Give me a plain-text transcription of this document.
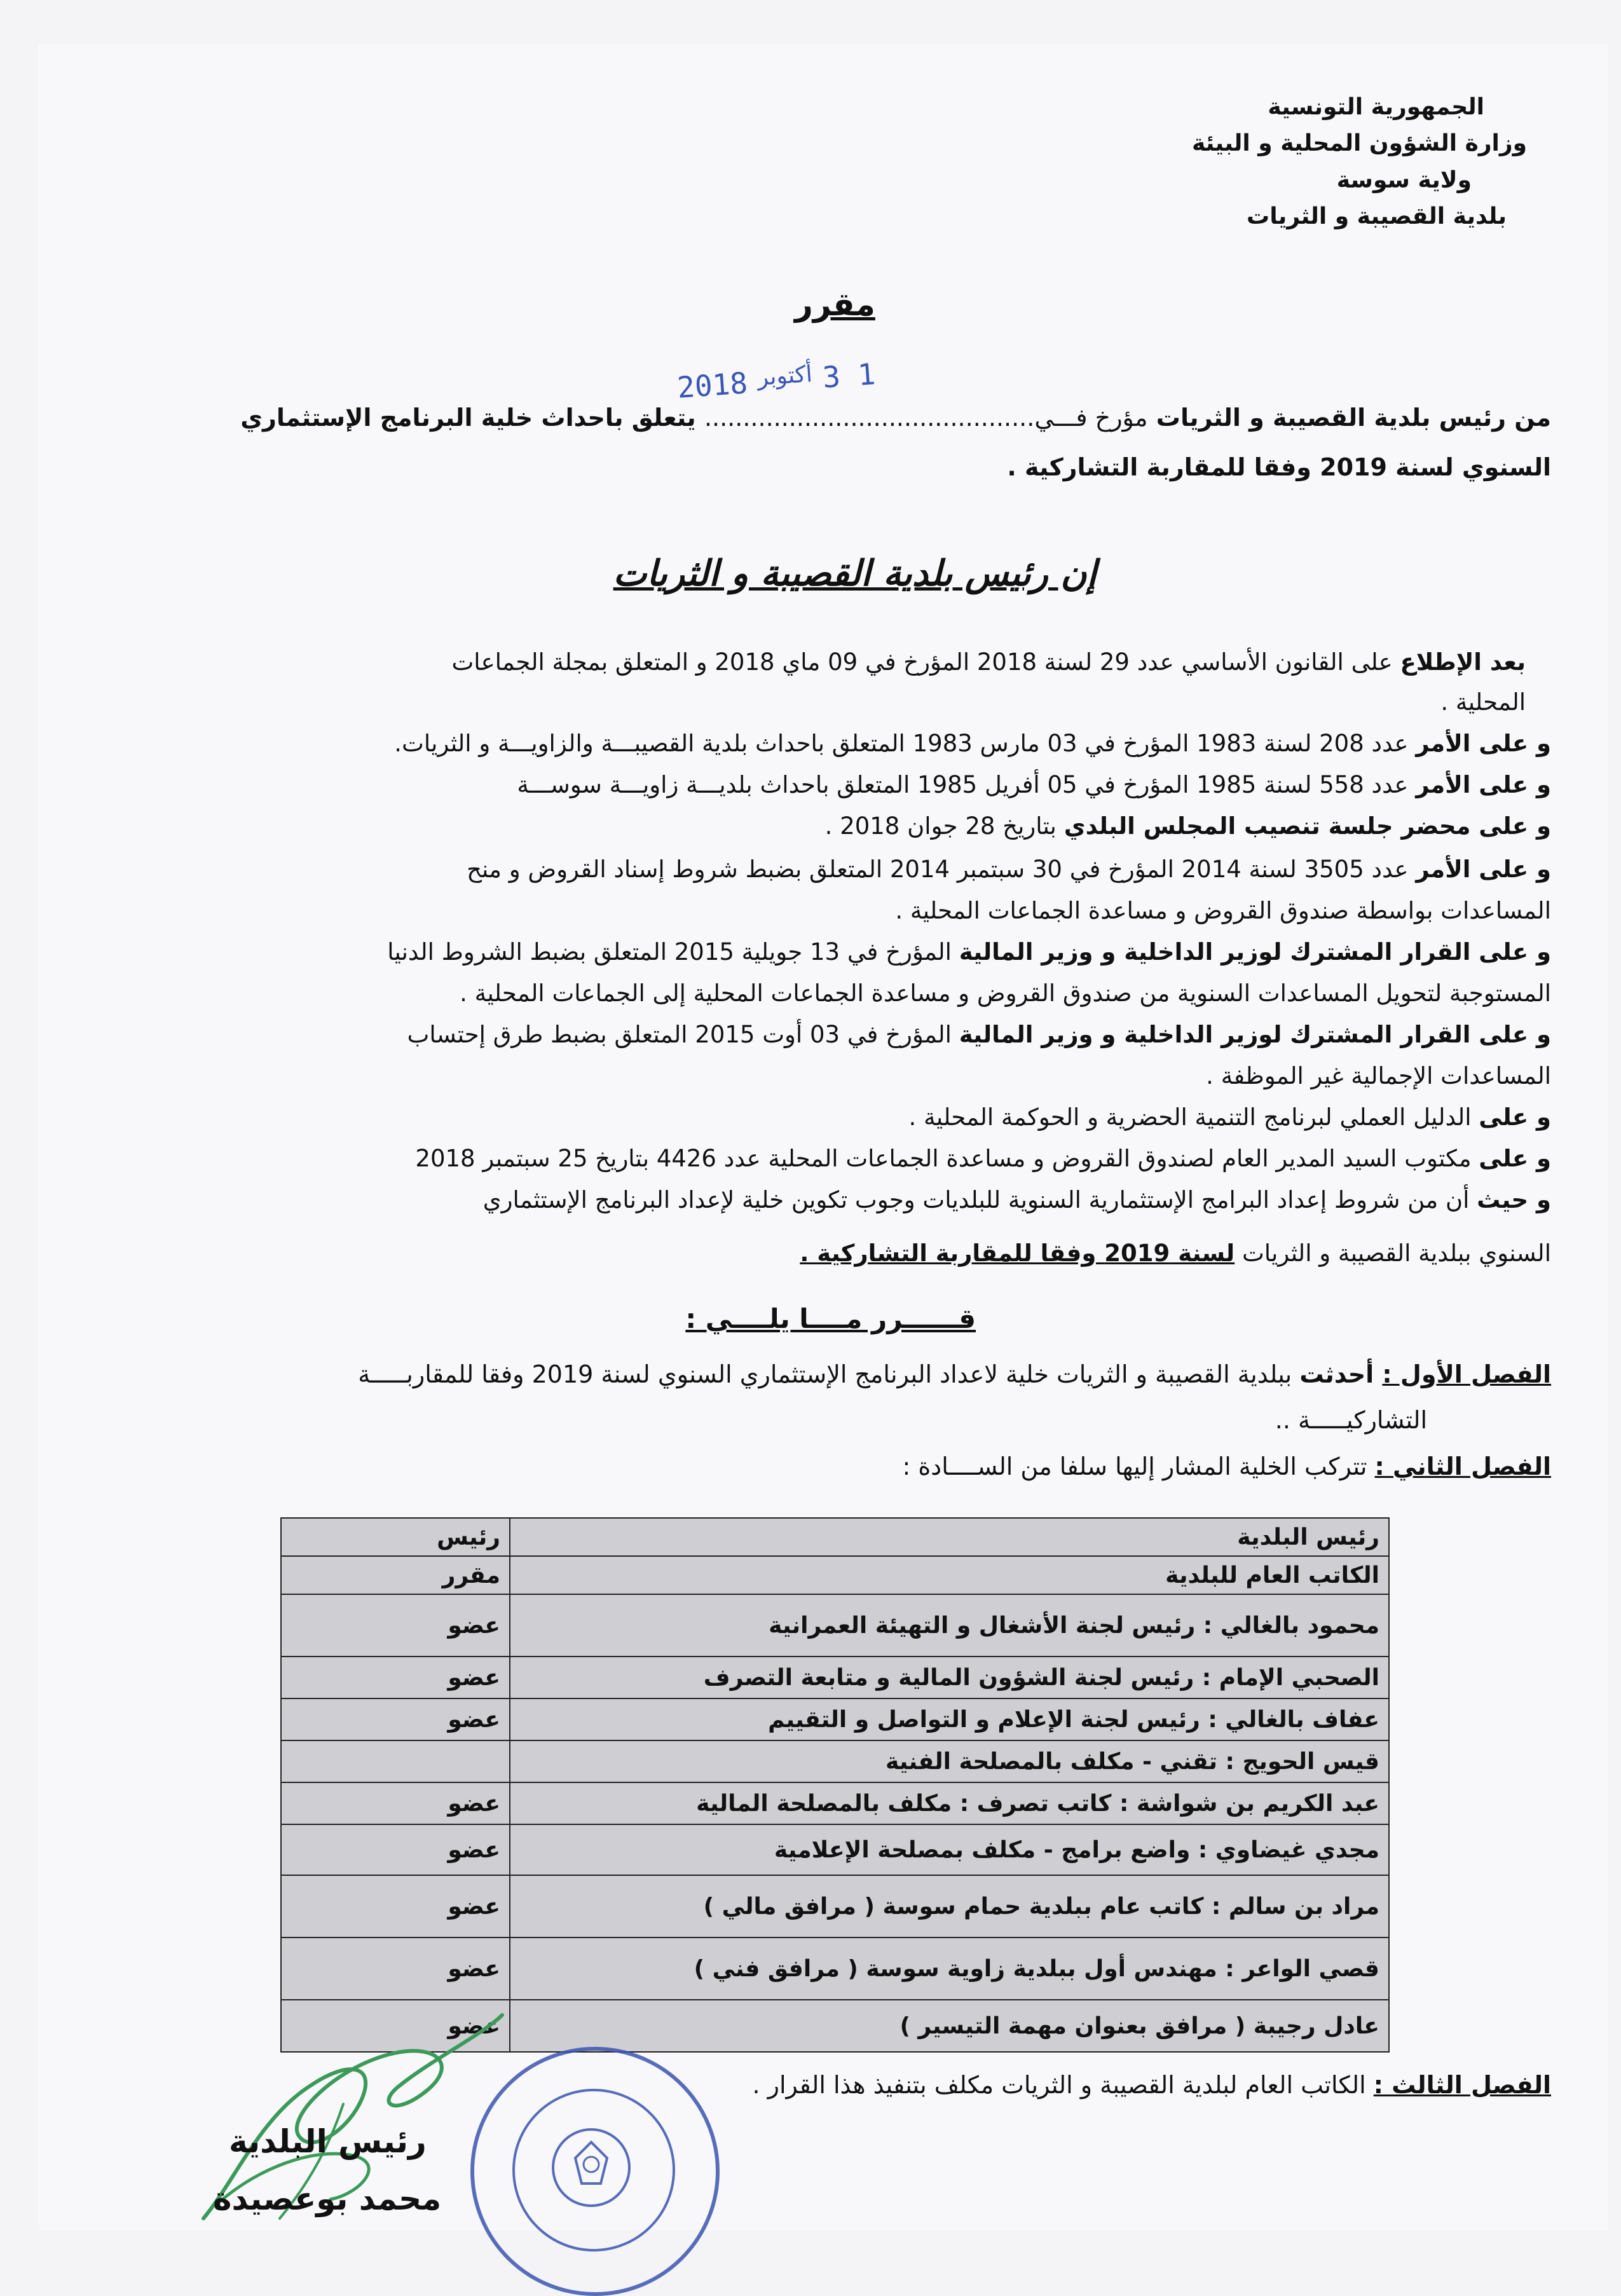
الجمهورية التونسية
وزارة الشؤون المحلية و البيئة
ولاية سوسة
بلدية القصيبة و الثريات
مقرر
2018 أكتوبر 3 1
من رئيس بلدية القصيبة و الثريات مؤرخ فـــي........................................... يتعلق باحداث خلية البرنامج الإستثماري
السنوي لسنة 2019 وفقا للمقاربة التشاركية .
إن رئيس بلدية القصيبة و الثريات
بعد الإطلاع على القانون الأساسي عدد 29 لسنة 2018 المؤرخ في 09 ماي 2018 و المتعلق بمجلة الجماعات
المحلية .
و على الأمر عدد 208 لسنة 1983 المؤرخ في 03 مارس 1983 المتعلق باحداث بلدية القصيبـــة والزاويـــة و الثريات.
و على الأمر عدد 558 لسنة 1985 المؤرخ في 05 أفريل 1985 المتعلق باحداث بلديـــة زاويـــة سوســـة
و على محضر جلسة تنصيب المجلس البلدي بتاريخ 28 جوان 2018 .
و على الأمر عدد 3505 لسنة 2014 المؤرخ في 30 سبتمبر 2014 المتعلق بضبط شروط إسناد القروض و منح
المساعدات بواسطة صندوق القروض و مساعدة الجماعات المحلية .
و على القرار المشترك لوزير الداخلية و وزير المالية المؤرخ في 13 جويلية 2015 المتعلق بضبط الشروط الدنيا
المستوجبة لتحويل المساعدات السنوية من صندوق القروض و مساعدة الجماعات المحلية إلى الجماعات المحلية .
و على القرار المشترك لوزير الداخلية و وزير المالية المؤرخ في 03 أوت 2015 المتعلق بضبط طرق إحتساب
المساعدات الإجمالية غير الموظفة .
و على الدليل العملي لبرنامج التنمية الحضرية و الحوكمة المحلية .
و على مكتوب السيد المدير العام لصندوق القروض و مساعدة الجماعات المحلية عدد 4426 بتاريخ 25 سبتمبر 2018
و حيث أن من شروط إعداد البرامج الإستثمارية السنوية للبلديات وجوب تكوين خلية لإعداد البرنامج الإستثماري
السنوي ببلدية القصيبة و الثريات لسنة 2019 وفقا للمقاربة التشاركية .
قــــــرر مــــا يلــــي :
الفصل الأول : أحدثت ببلدية القصيبة و الثريات خلية لاعداد البرنامج الإستثماري السنوي لسنة 2019 وفقا للمقاربـــــة
التشاركيـــــة ..
الفصل الثاني : تتركب الخلية المشار إليها سلفا من الســــادة :
رئيس البلدية	رئيس
الكاتب العام للبلدية	مقرر
محمود بالغالي : رئيس لجنة الأشغال و التهيئة العمرانية	عضو
الصحبي الإمام : رئيس لجنة الشؤون المالية و متابعة التصرف	عضو
عفاف بالغالي : رئيس لجنة الإعلام و التواصل و التقييم	عضو
قيس الحويج : تقني - مكلف بالمصلحة الفنية	
عبد الكريم بن شواشة : كاتب تصرف : مكلف بالمصلحة المالية	عضو
مجدي غيضاوي : واضع برامج - مكلف بمصلحة الإعلامية	عضو
مراد بن سالم : كاتب عام ببلدية حمام سوسة ( مرافق مالي )	عضو
قصي الواعر : مهندس أول ببلدية زاوية سوسة ( مرافق فني )	عضو
عادل رجيبة ( مرافق بعنوان مهمة التيسير )	عضو
الفصل الثالث : الكاتب العام لبلدية القصيبة و الثريات مكلف بتنفيذ هذا القرار .
رئيس البلدية
محمد بوعصيدة
